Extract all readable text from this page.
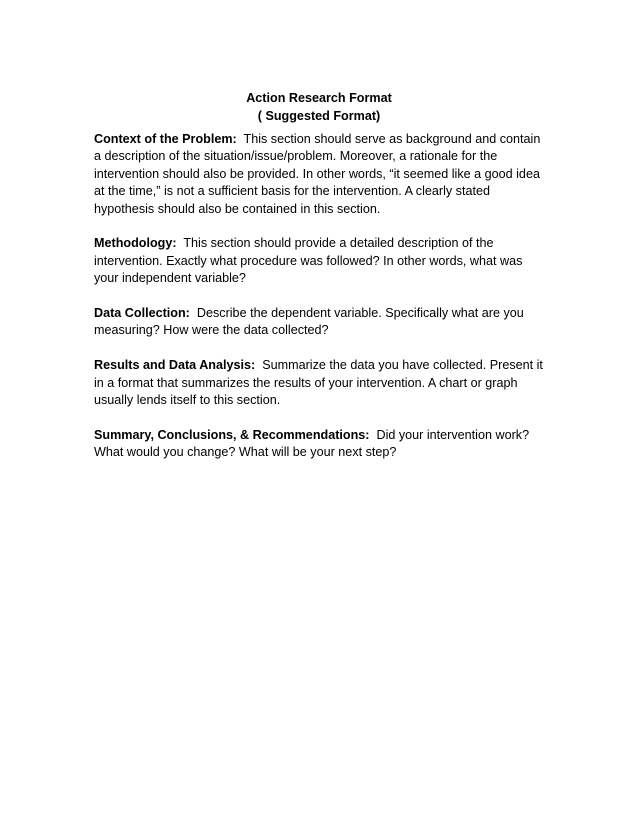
Action Research Format
( Suggested Format)

Context of the Problem: This section should serve as background and contain a description of the situation/issue/problem. Moreover, a rationale for the intervention should also be provided. In other words, “it seemed like a good idea at the time,” is not a sufficient basis for the intervention. A clearly stated hypothesis should also be contained in this section.

Methodology: This section should provide a detailed description of the intervention. Exactly what procedure was followed? In other words, what was your independent variable?

Data Collection: Describe the dependent variable. Specifically what are you measuring? How were the data collected?

Results and Data Analysis: Summarize the data you have collected. Present it in a format that summarizes the results of your intervention. A chart or graph usually lends itself to this section.

Summary, Conclusions, & Recommendations: Did your intervention work? What would you change? What will be your next step?
